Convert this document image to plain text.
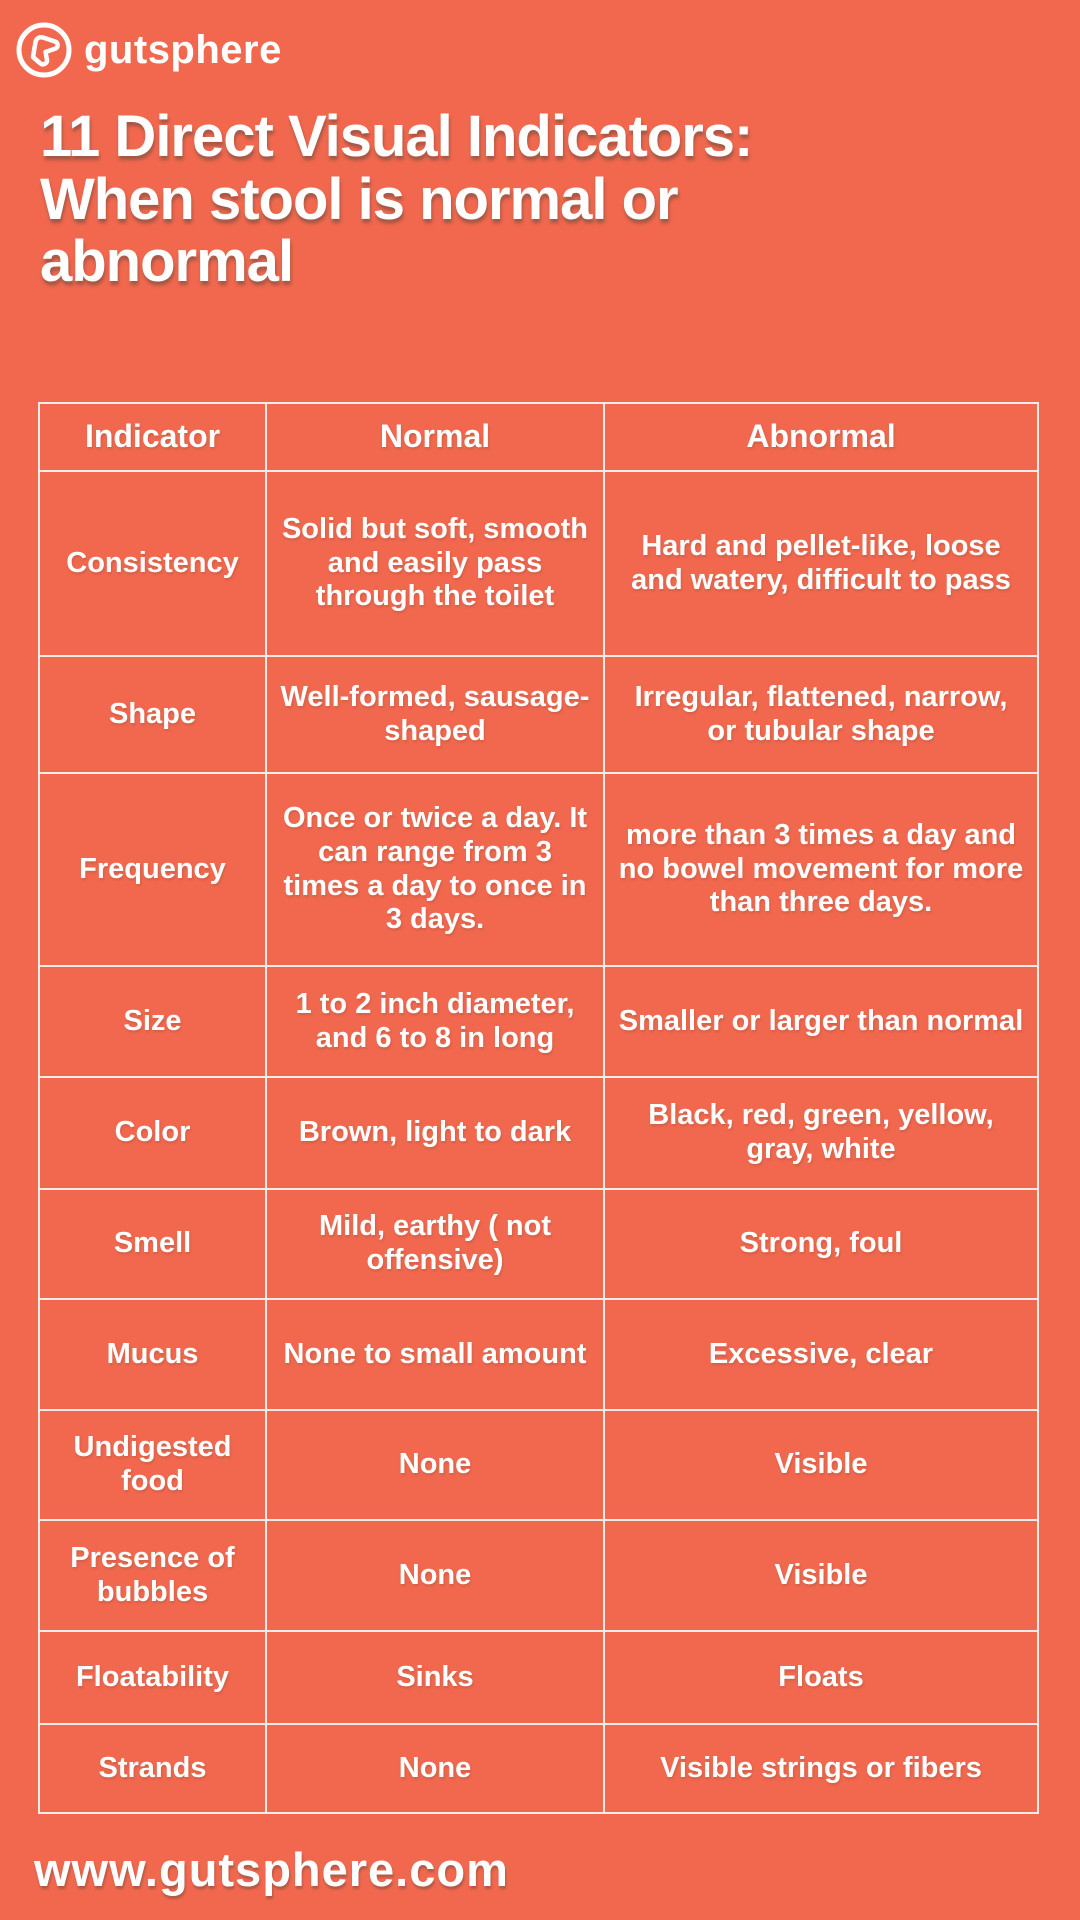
gutsphere
11 Direct Visual Indicators:
When stool is normal or
abnormal
Indicator	Normal	Abnormal
Consistency	Solid but soft, smooth and easily pass through the toilet	Hard and pellet-like, loose and watery, difficult to pass
Shape	Well-formed, sausage-shaped	Irregular, flattened, narrow, or tubular shape
Frequency	Once or twice a day. It can range from 3 times a day to once in 3 days.	more than 3 times a day and no bowel movement for more than three days.
Size	1 to 2 inch diameter, and 6 to 8 in long	Smaller or larger than normal
Color	Brown, light to dark	Black, red, green, yellow, gray, white
Smell	Mild, earthy ( not offensive)	Strong, foul
Mucus	None to small amount	Excessive, clear
Undigested food	None	Visible
Presence of bubbles	None	Visible
Floatability	Sinks	Floats
Strands	None	Visible strings or fibers
www.gutsphere.com
